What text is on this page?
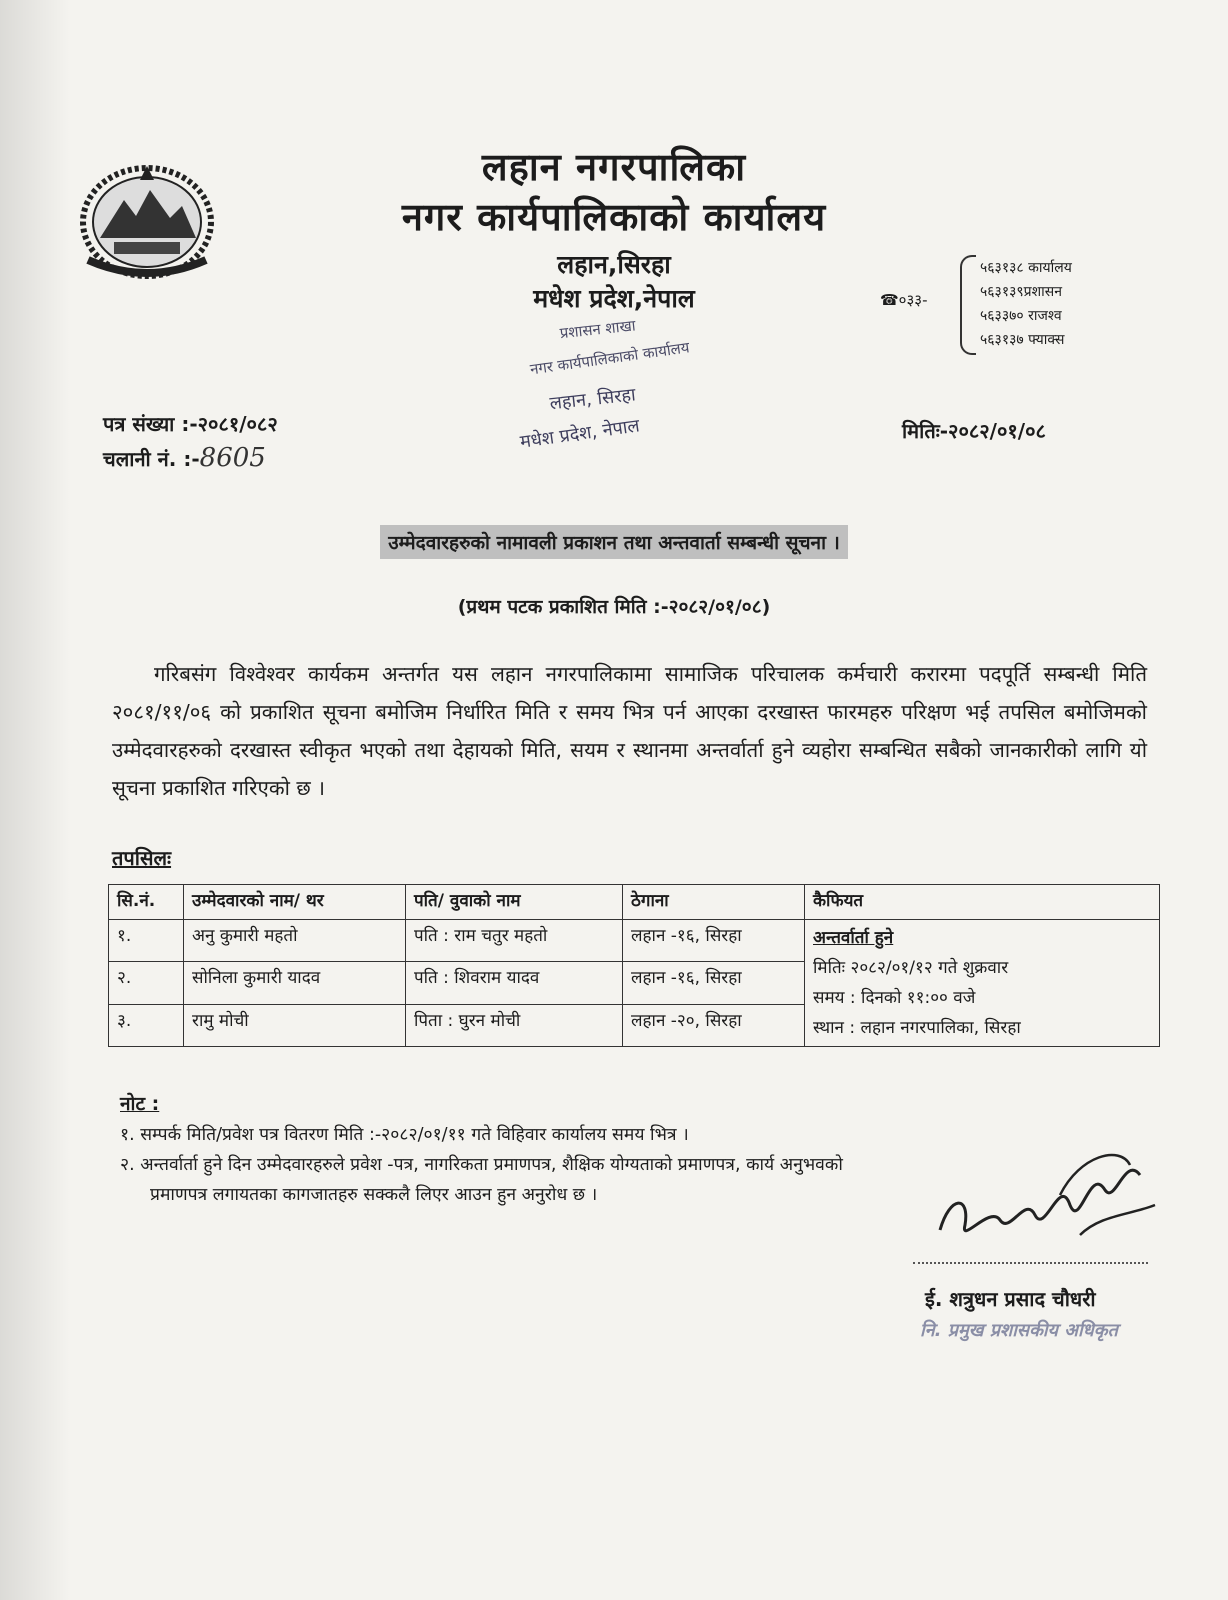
लहान नगरपालिका
नगर कार्यपालिकाको कार्यालय
लहान,सिरहा
मधेश प्रदेश,नेपाल	☎०३३-
५६३१३८ कार्यालय
५६३१३९प्रशासन
५६३३७० राजश्व
५६३१३७ फ्याक्स
प्रशासन शाखा
नगर कार्यपालिकाको कार्यालय
लहान, सिरहा
मधेश प्रदेश, नेपाल
पत्र संख्या :-२०८१/०८२
चलानी नं. :-8605
मितिः-२०८२/०१/०८
उम्मेदवारहरुको नामावली प्रकाशन तथा अन्तवार्ता सम्बन्धी सूचना ।
(प्रथम पटक प्रकाशित मिति :-२०८२/०१/०८)
गरिबसंग विश्वेश्वर कार्यकम अन्तर्गत यस लहान नगरपालिकामा सामाजिक परिचालक कर्मचारी करारमा पदपूर्ति सम्बन्धी मिति २०८१/११/०६ को प्रकाशित सूचना बमोजिम निर्धारित मिति र समय भित्र पर्न आएका दरखास्त फारमहरु परिक्षण भई तपसिल बमोजिमको उम्मेदवारहरुको दरखास्त स्वीकृत भएको तथा देहायको मिति, सयम र स्थानमा अन्तर्वार्ता हुने व्यहोरा सम्बन्धित सबैको जानकारीको लागि यो सूचना प्रकाशित गरिएको छ ।
तपसिलः
सि.नं.	उम्मेदवारको नाम/ थर	पति/ वुवाको नाम	ठेगाना	कैफियत
१.	अनु कुमारी महतो	पति : राम चतुर महतो	लहान -१६, सिरहा	अन्तर्वार्ता हुने
मितिः २०८२/०१/१२ गते शुक्रवार
समय : दिनको ११:०० वजे
स्थान : लहान नगरपालिका, सिरहा

२.	सोनिला कुमारी यादव	पति : शिवराम यादव	लहान -१६, सिरहा	
३.	रामु मोची	पिता : घुरन मोची	लहान -२०, सिरहा	
नोट :
१. सम्पर्क मिति/प्रवेश पत्र वितरण मिति :-२०८२/०१/११ गते विहिवार कार्यालय समय भित्र ।
२. अन्तर्वार्ता हुने दिन उम्मेदवारहरुले प्रवेश -पत्र, नागरिकता प्रमाणपत्र, शैक्षिक योग्यताको प्रमाणपत्र, कार्य अनुभवको
प्रमाणपत्र लगायतका कागजातहरु सक्कलै लिएर आउन हुन अनुरोध छ ।
ई. शत्रुधन प्रसाद चौधरी
नि. प्रमुख प्रशासकीय अधिकृत
